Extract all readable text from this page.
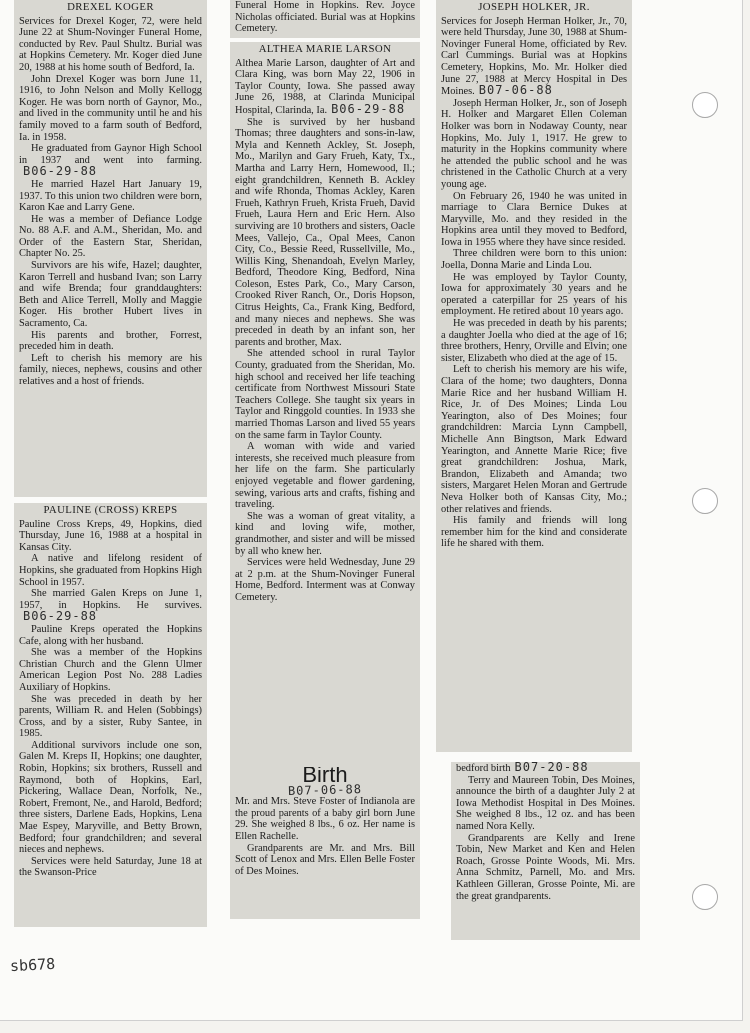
DREXEL KOGER

Services for Drexel Koger, 72, were held June 22 at Shum-Novinger Funeral Home, conducted by Rev. Paul Shultz. Burial was at Hopkins Cemetery. Mr. Koger died June 20, 1988 at his home south of Bedford, Ia.

John Drexel Koger was born June 11, 1916, to John Nelson and Molly Kellogg Koger. He was born north of Gaynor, Mo., and lived in the community until he and his family moved to a farm south of Bedford, Ia. in 1958.

He graduated from Gaynor High School in 1937 and went into farming.B06-29-88

He married Hazel Hart January 19, 1937. To this union two children were born, Karon Kae and Larry Gene.

He was a member of Defiance Lodge No. 88 A.F. and A.M., Sheridan, Mo. and Order of the Eastern Star, Sheridan, Chapter No. 25.

Survivors are his wife, Hazel; daughter, Karon Terrell and husband Ivan; son Larry and wife Brenda; four granddaughters: Beth and Alice Terrell, Molly and Maggie Koger. His brother Hubert lives in Sacramento, Ca.

His parents and brother, Forrest, preceded him in death.

Left to cherish his memory are his family, nieces, nephews, cousins and other relatives and a host of friends.

PAULINE (CROSS) KREPS

Pauline Cross Kreps, 49, Hopkins, died Thursday, June 16, 1988 at a hospital in Kansas City.

A native and lifelong resident of Hopkins, she graduated from Hopkins High School in 1957.

She married Galen Kreps on June 1, 1957, in Hopkins. He survives.B06-29-88

Pauline Kreps operated the Hopkins Cafe, along with her husband.

She was a member of the Hopkins Christian Church and the Glenn Ulmer American Legion Post No. 288 Ladies Auxiliary of Hopkins.

She was preceded in death by her parents, William R. and Helen (Sobbings) Cross, and by a sister, Ruby Santee, in 1985.

Additional survivors include one son, Galen M. Kreps II, Hopkins; one daughter, Robin, Hopkins; six brothers, Russell and Raymond, both of Hopkins, Earl, Pickering, Wallace Dean, Norfolk, Ne., Robert, Fremont, Ne., and Harold, Bedford; three sisters, Darlene Eads, Hopkins, Lena Mae Espey, Maryville, and Betty Brown, Bedford; four grandchildren; and several nieces and nephews.

Services were held Saturday, June 18 at the Swanson-Price

Funeral Home in Hopkins. Rev. Joyce Nicholas officiated. Burial was at Hopkins Cemetery.

ALTHEA MARIE LARSON

Althea Marie Larson, daughter of Art and Clara King, was born May 22, 1906 in Taylor County, Iowa. She passed away June 26, 1988, at Clarinda Municipal Hospital, Clarinda, Ia. B06-29-88

She is survived by her husband Thomas; three daughters and sons-in-law, Myla and Kenneth Ackley, St. Joseph, Mo., Marilyn and Gary Frueh, Katy, Tx., Martha and Larry Hern, Homewood, Il.; eight grandchildren, Kenneth B. Ackley and wife Rhonda, Thomas Ackley, Karen Frueh, Kathryn Frueh, Krista Frueh, David Frueh, Laura Hern and Eric Hern. Also surviving are 10 brothers and sisters, Oacle Mees, Vallejo, Ca., Opal Mees, Canon City, Co., Bessie Reed, Russellville, Mo., Willis King, Shenandoah, Evelyn Marley, Bedford, Theodore King, Bedford, Nina Coleson, Estes Park, Co., Mary Carson, Crooked River Ranch, Or., Doris Hopson, Citrus Heights, Ca., Frank King, Bedford, and many nieces and nephews. She was preceded in death by an infant son, her parents and brother, Max.

She attended school in rural Taylor County, graduated from the Sheridan, Mo. high school and received her life teaching certificate from Northwest Missouri State Teachers College. She taught six years in Taylor and Ringgold counties. In 1933 she married Thomas Larson and lived 55 years on the same farm in Taylor County.

A woman with wide and varied interests, she received much pleasure from her life on the farm. She particularly enjoyed vegetable and flower gardening, sewing, various arts and crafts, fishing and traveling.

She was a woman of great vitality, a kind and loving wife, mother, grandmother, and sister and will be missed by all who knew her.

Services were held Wednesday, June 29 at 2 p.m. at the Shum-Novinger Funeral Home, Bedford. Interment was at Conway Cemetery.

Birth
B07-06-88

Mr. and Mrs. Steve Foster of Indianola are the proud parents of a baby girl born June 29. She weighed 8 lbs., 6 oz. Her name is Ellen Rachelle.

Grandparents are Mr. and Mrs. Bill Scott of Lenox and Mrs. Ellen Belle Foster of Des Moines.

JOSEPH HOLKER, JR.

Services for Joseph Herman Holker, Jr., 70, were held Thursday, June 30, 1988 at Shum-Novinger Funeral Home, officiated by Rev. Carl Cummings. Burial was at Hopkins Cemetery, Hopkins, Mo. Mr. Holker died June 27, 1988 at Mercy Hospital in Des Moines. B07-06-88

Joseph Herman Holker, Jr., son of Joseph H. Holker and Margaret Ellen Coleman Holker was born in Nodaway County, near Hopkins, Mo. July 1, 1917. He grew to maturity in the Hopkins community where he attended the public school and he was christened in the Catholic Church at a very young age.

On February 26, 1940 he was united in marriage to Clara Bernice Dukes at Maryville, Mo. and they resided in the Hopkins area until they moved to Bedford, Iowa in 1955 where they have since resided.

Three children were born to this union: Joella, Donna Marie and Linda Lou.

He was employed by Taylor County, Iowa for approximately 30 years and he operated a caterpillar for 25 years of his employment. He retired about 10 years ago.

He was preceded in death by his parents; a daughter Joella who died at the age of 16; three brothers, Henry, Orville and Elvin; one sister, Elizabeth who died at the age of 15.

Left to cherish his memory are his wife, Clara of the home; two daughters, Donna Marie Rice and her husband William H. Rice, Jr. of Des Moines; Linda Lou Yearington, also of Des Moines; four grandchildren: Marcia Lynn Campbell, Michelle Ann Bingtson, Mark Edward Yearington, and Annette Marie Rice; five great grandchildren: Joshua, Mark, Brandon, Elizabeth and Amanda; two sisters, Margaret Helen Moran and Gertrude Neva Holker both of Kansas City, Mo.; other relatives and friends.

His family and friends will long remember him for the kind and considerate life he shared with them.

bedford birth B07-20-88

Terry and Maureen Tobin, Des Moines, announce the birth of a daughter July 2 at Iowa Methodist Hospital in Des Moines. She weighed 8 lbs., 12 oz. and has been named Nora Kelly.

Grandparents are Kelly and Irene Tobin, New Market and Ken and Helen Roach, Grosse Pointe Woods, Mi. Mrs. Anna Schmitz, Parnell, Mo. and Mrs. Kathleen Gilleran, Grosse Pointe, Mi. are the great grandparents.

sb678
